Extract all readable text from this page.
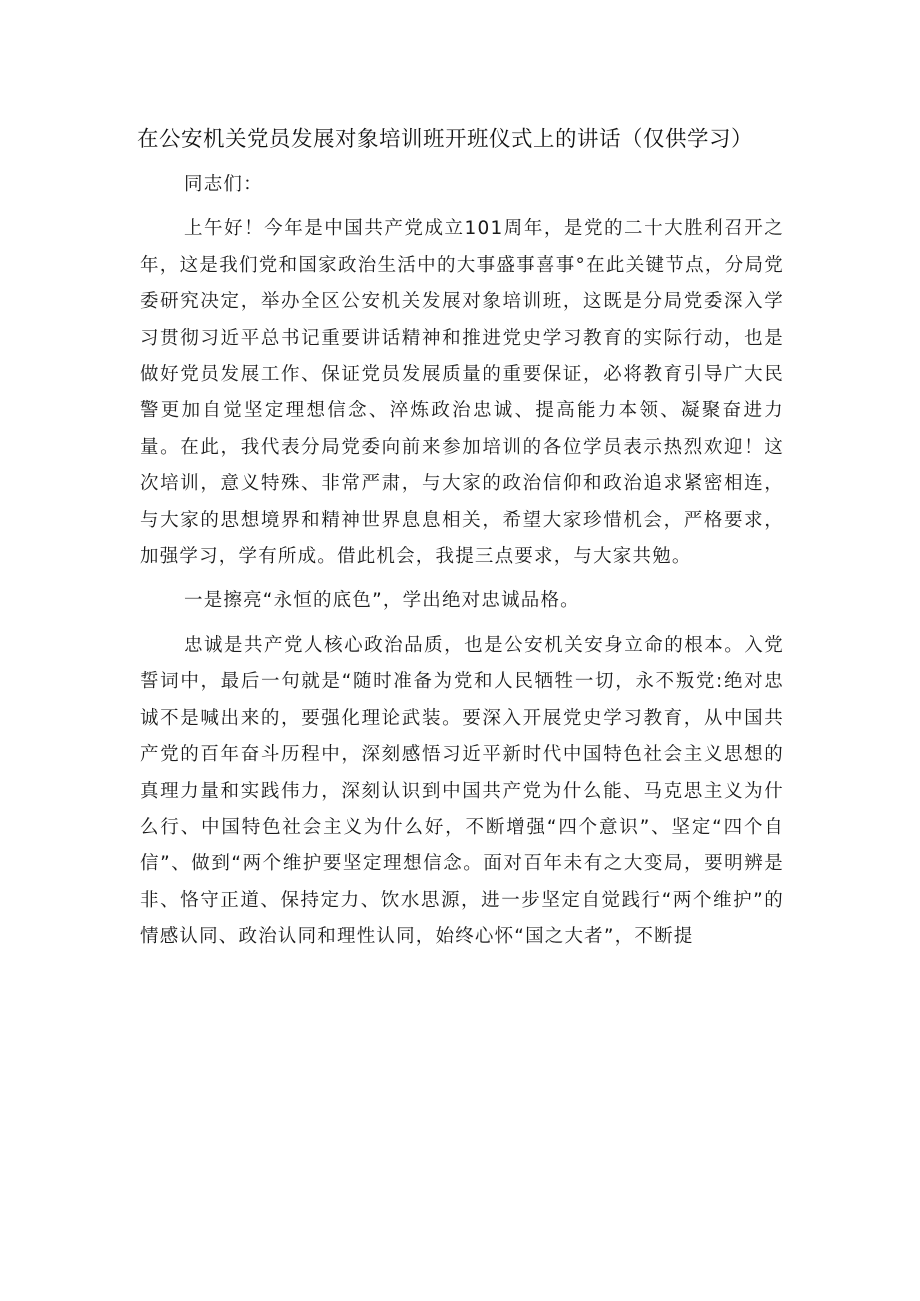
在公安机关党员发展对象培训班开班仪式上的讲话（仅供学习）

同志们：

上午好！今年是中国共产党成立101周年，是党的二十大胜利召开之年，这是我们党和国家政治生活中的大事盛事喜事°在此关键节点，分局党委研究决定，举办全区公安机关发展对象培训班，这既是分局党委深入学习贯彻习近平总书记重要讲话精神和推进党史学习教育的实际行动，也是做好党员发展工作、保证党员发展质量的重要保证，必将教育引导广大民警更加自觉坚定理想信念、淬炼政治忠诚、提高能力本领、凝聚奋进力量。在此，我代表分局党委向前来参加培训的各位学员表示热烈欢迎！这次培训，意义特殊、非常严肃，与大家的政治信仰和政治追求紧密相连，与大家的思想境界和精神世界息息相关，希望大家珍惜机会，严格要求，加强学习，学有所成。借此机会，我提三点要求，与大家共勉。

一是擦亮“永恒的底色”，学出绝对忠诚品格。

忠诚是共产党人核心政治品质，也是公安机关安身立命的根本。入党誓词中，最后一句就是“随时准备为党和人民牺牲一切，永不叛党:绝对忠诚不是喊出来的，要强化理论武装。要深入开展党史学习教育，从中国共产党的百年奋斗历程中，深刻感悟习近平新时代中国特色社会主义思想的真理力量和实践伟力，深刻认识到中国共产党为什么能、马克思主义为什么行、中国特色社会主义为什么好，不断增强“四个意识”、坚定“四个自信”、做到“两个维护要坚定理想信念。面对百年未有之大变局，要明辨是非、恪守正道、保持定力、饮水思源，进一步坚定自觉践行“两个维护”的情感认同、政治认同和理性认同，始终心怀“国之大者”，不断提
